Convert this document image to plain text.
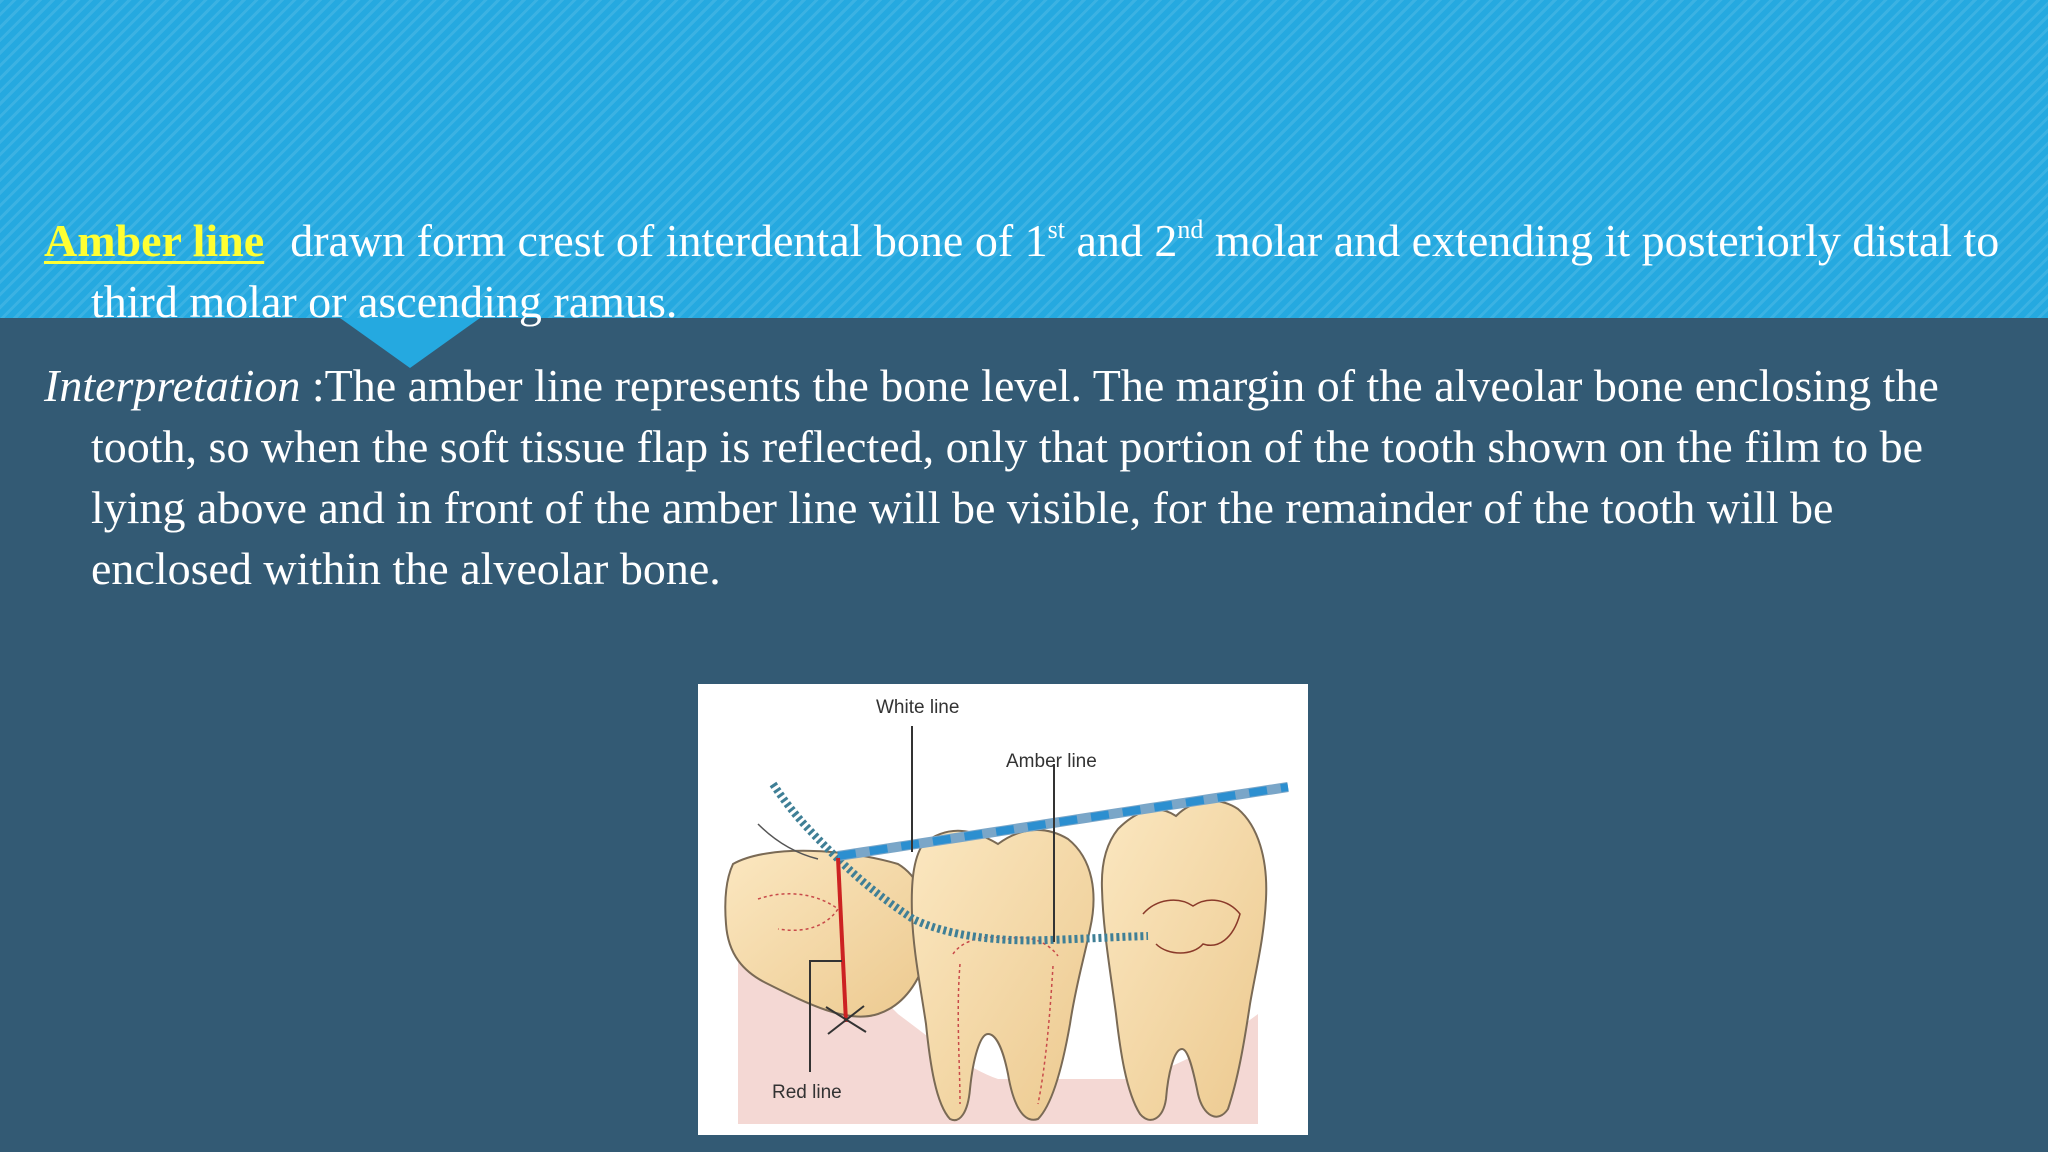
Amber line drawn form crest of interdental bone of 1st and 2nd molar and extending it posteriorly distal to third molar or ascending ramus.

Interpretation :The amber line represents the bone level. The margin of the alveolar bone enclosing the tooth, so when the soft tissue flap is reflected, only that portion of the tooth shown on the film to be lying above and in front of the amber line will be visible, for the remainder of the tooth will be enclosed within the alveolar bone.

White line
Amber line
Red line
